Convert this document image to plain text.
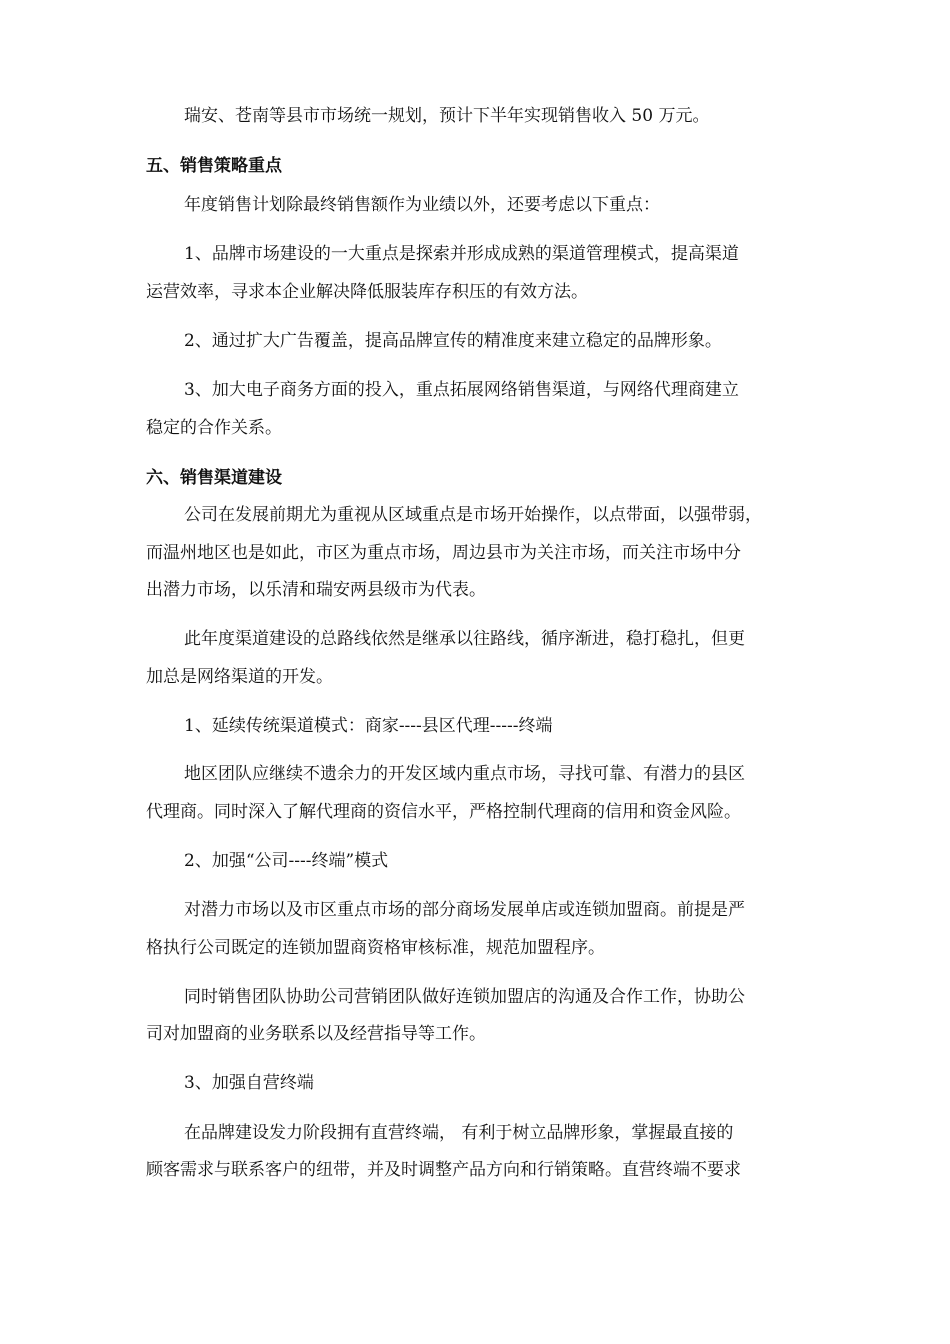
瑞安、苍南等县市市场统一规划，预计下半年实现销售收入 50 万元。
五、销售策略重点
年度销售计划除最终销售额作为业绩以外，还要考虑以下重点：
1、品牌市场建设的一大重点是探索并形成成熟的渠道管理模式，提高渠道
运营效率，寻求本企业解决降低服装库存积压的有效方法。
2、通过扩大广告覆盖，提高品牌宣传的精准度来建立稳定的品牌形象。
3、加大电子商务方面的投入，重点拓展网络销售渠道，与网络代理商建立
稳定的合作关系。
六、销售渠道建设
公司在发展前期尤为重视从区域重点是市场开始操作，以点带面，以强带弱，
而温州地区也是如此，市区为重点市场，周边县市为关注市场，而关注市场中分
出潜力市场，以乐清和瑞安两县级市为代表。
此年度渠道建设的总路线依然是继承以往路线，循序渐进，稳打稳扎，但更
加总是网络渠道的开发。
1、延续传统渠道模式：商家----县区代理-----终端
地区团队应继续不遗余力的开发区域内重点市场，寻找可靠、有潜力的县区
代理商。同时深入了解代理商的资信水平，严格控制代理商的信用和资金风险。
2、加强“公司----终端”模式
对潜力市场以及市区重点市场的部分商场发展单店或连锁加盟商。前提是严
格执行公司既定的连锁加盟商资格审核标准，规范加盟程序。
同时销售团队协助公司营销团队做好连锁加盟店的沟通及合作工作，协助公
司对加盟商的业务联系以及经营指导等工作。
3、加强自营终端
在品牌建设发力阶段拥有直营终端， 有利于树立品牌形象，掌握最直接的
顾客需求与联系客户的纽带，并及时调整产品方向和行销策略。直营终端不要求
